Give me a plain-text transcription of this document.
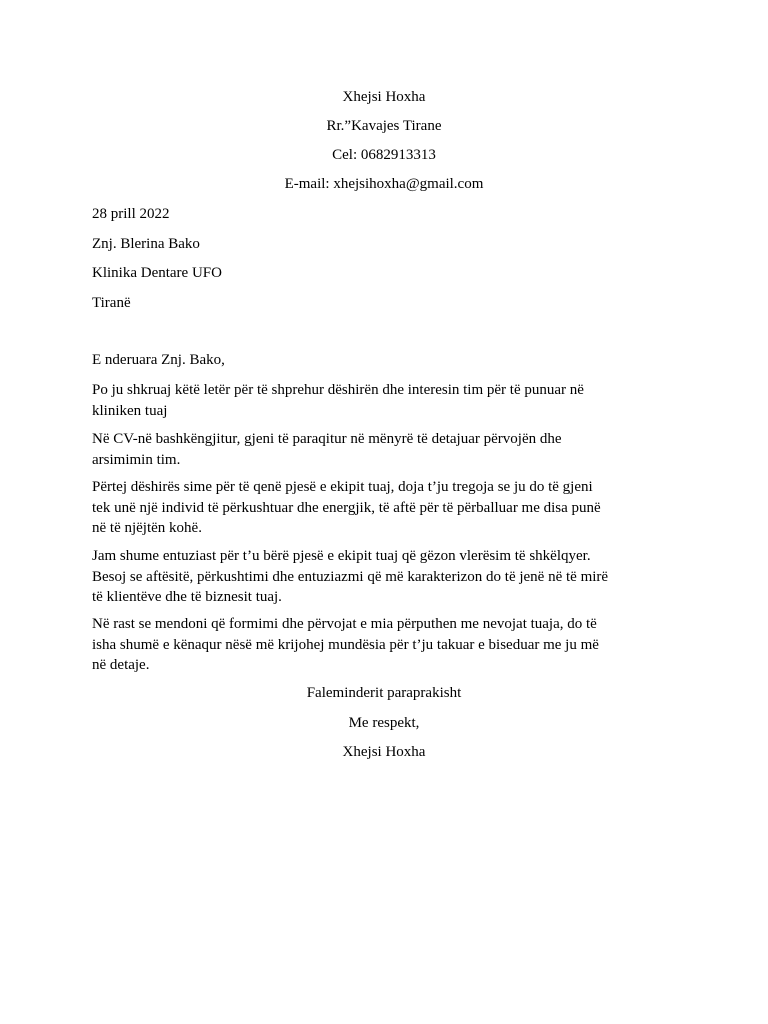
Xhejsi Hoxha
Rr.”Kavajes Tirane
Cel: 0682913313
E-mail: xhejsihoxha@gmail.com
28 prill 2022
Znj. Blerina Bako
Klinika Dentare UFO
Tiranë
E nderuara Znj. Bako,
Po ju shkruaj këtë letër për të shprehur dëshirën dhe interesin tim për të punuar në
kliniken tuaj
Në CV-në bashkëngjitur, gjeni të paraqitur në mënyrë të detajuar përvojën dhe
arsimimin tim.
Përtej dëshirës sime për të qenë pjesë e ekipit tuaj, doja t’ju tregoja se ju do të gjeni
tek unë një individ të përkushtuar dhe energjik, të aftë për të përballuar me disa punë
në të njëjtën kohë.
Jam shume entuziast për t’u bërë pjesë e ekipit tuaj që gëzon vlerësim të shkëlqyer.
Besoj se aftësitë, përkushtimi dhe entuziazmi që më karakterizon do të jenë në të mirë
të klientëve dhe të biznesit tuaj.
Në rast se mendoni që formimi dhe përvojat e mia përputhen me nevojat tuaja, do të
isha shumë e kënaqur nësë më krijohej mundësia për t’ju takuar e biseduar me ju më
në detaje.
Faleminderit paraprakisht
Me respekt,
Xhejsi Hoxha
